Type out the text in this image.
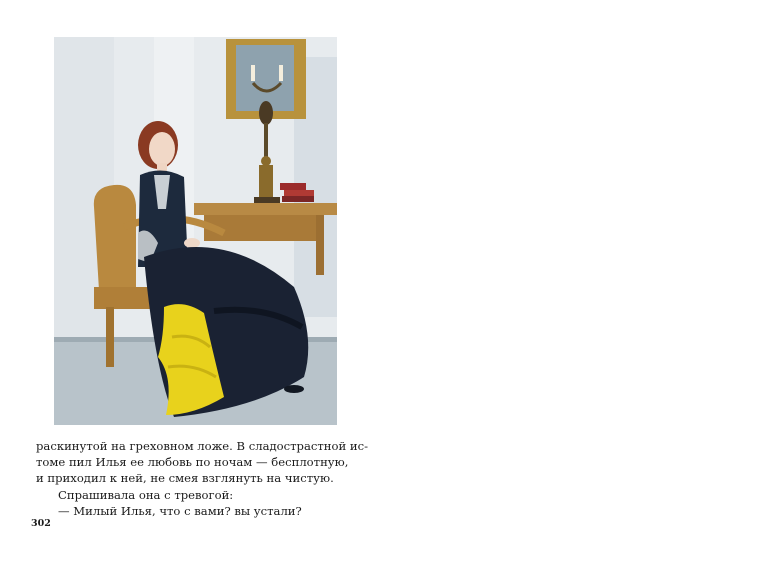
раскинутой на греховном ложе. В сладострастной ис-
томе пил Илья ее любовь по ночам — бесплотную,
и приходил к ней, не смея взглянуть на чистую.
Спрашивала она с тревогой:
— Милый Илья, что с вами? вы устали?
302
